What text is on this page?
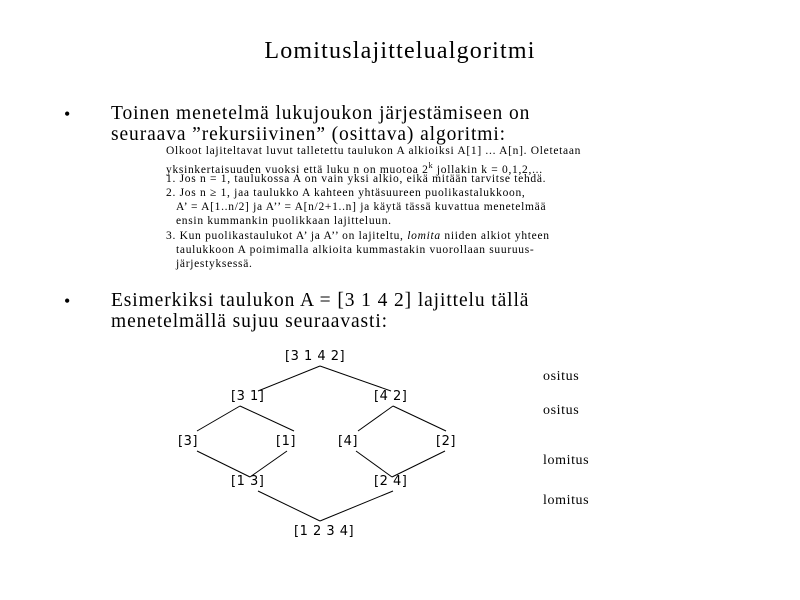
Lomituslajittelualgoritmi
• Toinen menetelmä lukujoukon järjestämiseen on
seuraava ”rekursiivinen” (osittava) algoritmi:
Olkoot lajiteltavat luvut talletettu taulukon A alkioiksi A[1] ... A[n]. Oletetaan
yksinkertaisuuden vuoksi että luku n on muotoa 2$^k$ jollakin k = 0,1,2,...
1. Jos n = 1, taulukossa A on vain yksi alkio, eikä mitään tarvitse tehdä.
2. Jos n ≥ 1, jaa taulukko A kahteen yhtäsuureen puolikastalukkoon,
A’ = A[1..n/2] ja A’’ = A[n/2+1..n] ja käytä tässä kuvattua menetelmää
ensin kummankin puolikkaan lajitteluun.
3. Kun puolikastaulukot A’ ja A’’ on lajiteltu, lomita niiden alkiot yhteen
taulukkoon A poimimalla alkioita kummastakin vuorollaan suuruus-
järjestyksessä.
• Esimerkiksi taulukon A = [3 1 4 2] lajittelu tällä
menetelmällä sujuu seuraavasti:
[3 1 4 2]
[3 1]	[4 2]
[3]	[1]	[4]	[2]
[1 3]	[2 4]
[1 2 3 4]
ositus
ositus
lomitus
lomitus
